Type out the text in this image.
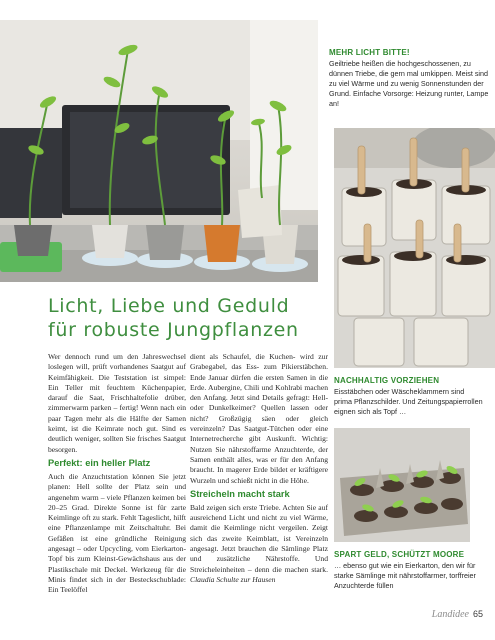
MEHR LICHT BITTE!
Geiltriebe heißen die hochgeschossenen, zu dünnen Triebe, die gern mal umkippen. Meist sind zu viel Wärme und zu wenig Sonnenstunden der Grund. Einfache Vorsorge: Heizung runter, Lampe an!
NACHHALTIG VORZIEHEN
Eisstäbchen oder Wäscheklammern sind prima Pflanzschilder. Und Zeitungspapierrollen eignen sich als Topf …
SPART GELD, SCHÜTZT MOORE
… ebenso gut wie ein Eierkarton, den wir für starke Sämlinge mit nährstoffarmer, torffreier Anzuchterde füllen
Licht, Liebe und Geduld
für robuste Jungpflanzen

Wer dennoch rund um den Jahreswechsel loslegen will, prüft vorhandenes Saatgut auf Keimfähigkeit. Die Teststation ist simpel: Ein Teller mit feuchtem Küchenpapier, darauf die Saat, Frischhaltefolie drüber, zimmerwarm parken – fertig! Wenn nach ein paar Tagen mehr als die Hälfte der Samen keimt, ist die Keimrate noch gut. Sind es deutlich weniger, sollten Sie frisches Saatgut besorgen.

Perfekt: ein heller Platz

Auch die Anzuchtstation können Sie jetzt planen: Hell sollte der Platz sein und angenehm warm – viele Pflanzen keimen bei 20–25 Grad. Direkte Sonne ist für zarte Keimlinge oft zu stark. Fehlt Tageslicht, hilft eine Pflanzenlampe mit Zeitschaltuhr. Bei Gefäßen ist eine gründliche Reinigung angesagt – oder Upcycling, vom Eierkarton-Topf bis zum Kleinst-Gewächshaus aus der Plastikschale mit Deckel. Werkzeug für die Minis findet sich in der Besteckschublade: Ein Teelöffel

dient als Schaufel, die Kuchen- wird zur Grabegabel, das Ess- zum Pikierstäbchen. Ende Januar dürfen die ersten Samen in die Erde. Aubergine, Chili und Kohlrabi machen den Anfang. Jetzt sind Details gefragt: Hell- oder Dunkelkeimer? Quellen lassen oder nicht? Großzügig säen oder gleich vereinzeln? Das Saatgut-Tütchen oder eine Internetrecherche gibt Auskunft. Wichtig: Nutzen Sie nährstoffarme Anzuchterde, der Samen enthält alles, was er für den Anfang braucht. In magerer Erde bildet er kräftigere Wurzeln und schießt nicht in die Höhe.

Streicheln macht stark

Bald zeigen sich erste Triebe. Achten Sie auf ausreichend Licht und nicht zu viel Wärme, damit die Keimlinge nicht vergeilen. Zeigt sich das zweite Keimblatt, ist Vereinzeln angesagt. Jetzt brauchen die Sämlinge Platz und zusätzliche Nährstoffe. Und Streicheleinheiten – denn die machen stark. Claudia Schulte zur Hausen

Landidee 65
